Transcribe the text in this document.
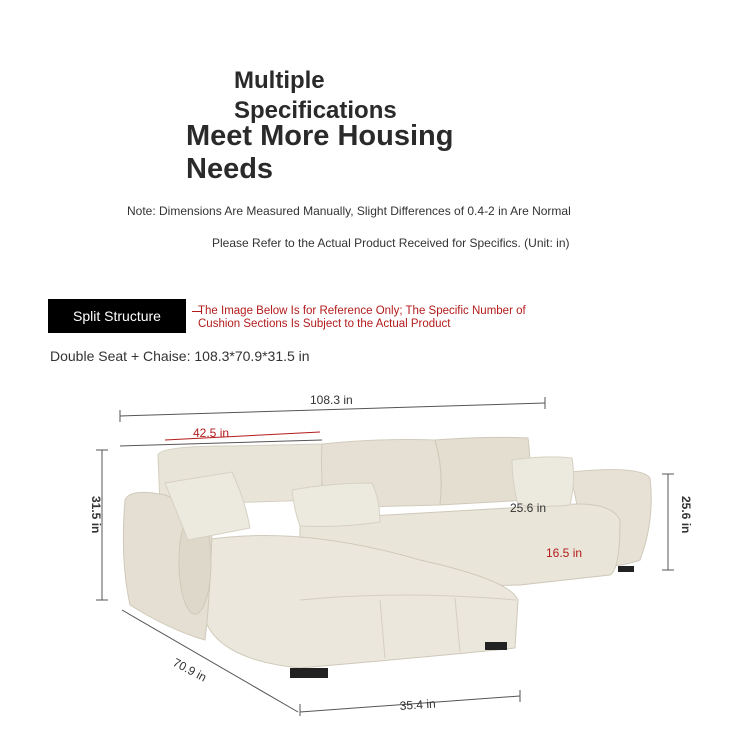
Multiple Specifications
Meet More Housing Needs
Note: Dimensions Are Measured Manually, Slight Differences of 0.4-2 in Are Normal
Please Refer to the Actual Product Received for Specifics. (Unit: in)
Split Structure	The Image Below Is for Reference Only; The Specific Number of Cushion Sections Is Subject to the Actual Product
Double Seat + Chaise: 108.3*70.9*31.5 in
108.3 in
42.5 in
31.5 in	25.6 in
25.6 in
16.5 in
70.9 in
35.4 in
